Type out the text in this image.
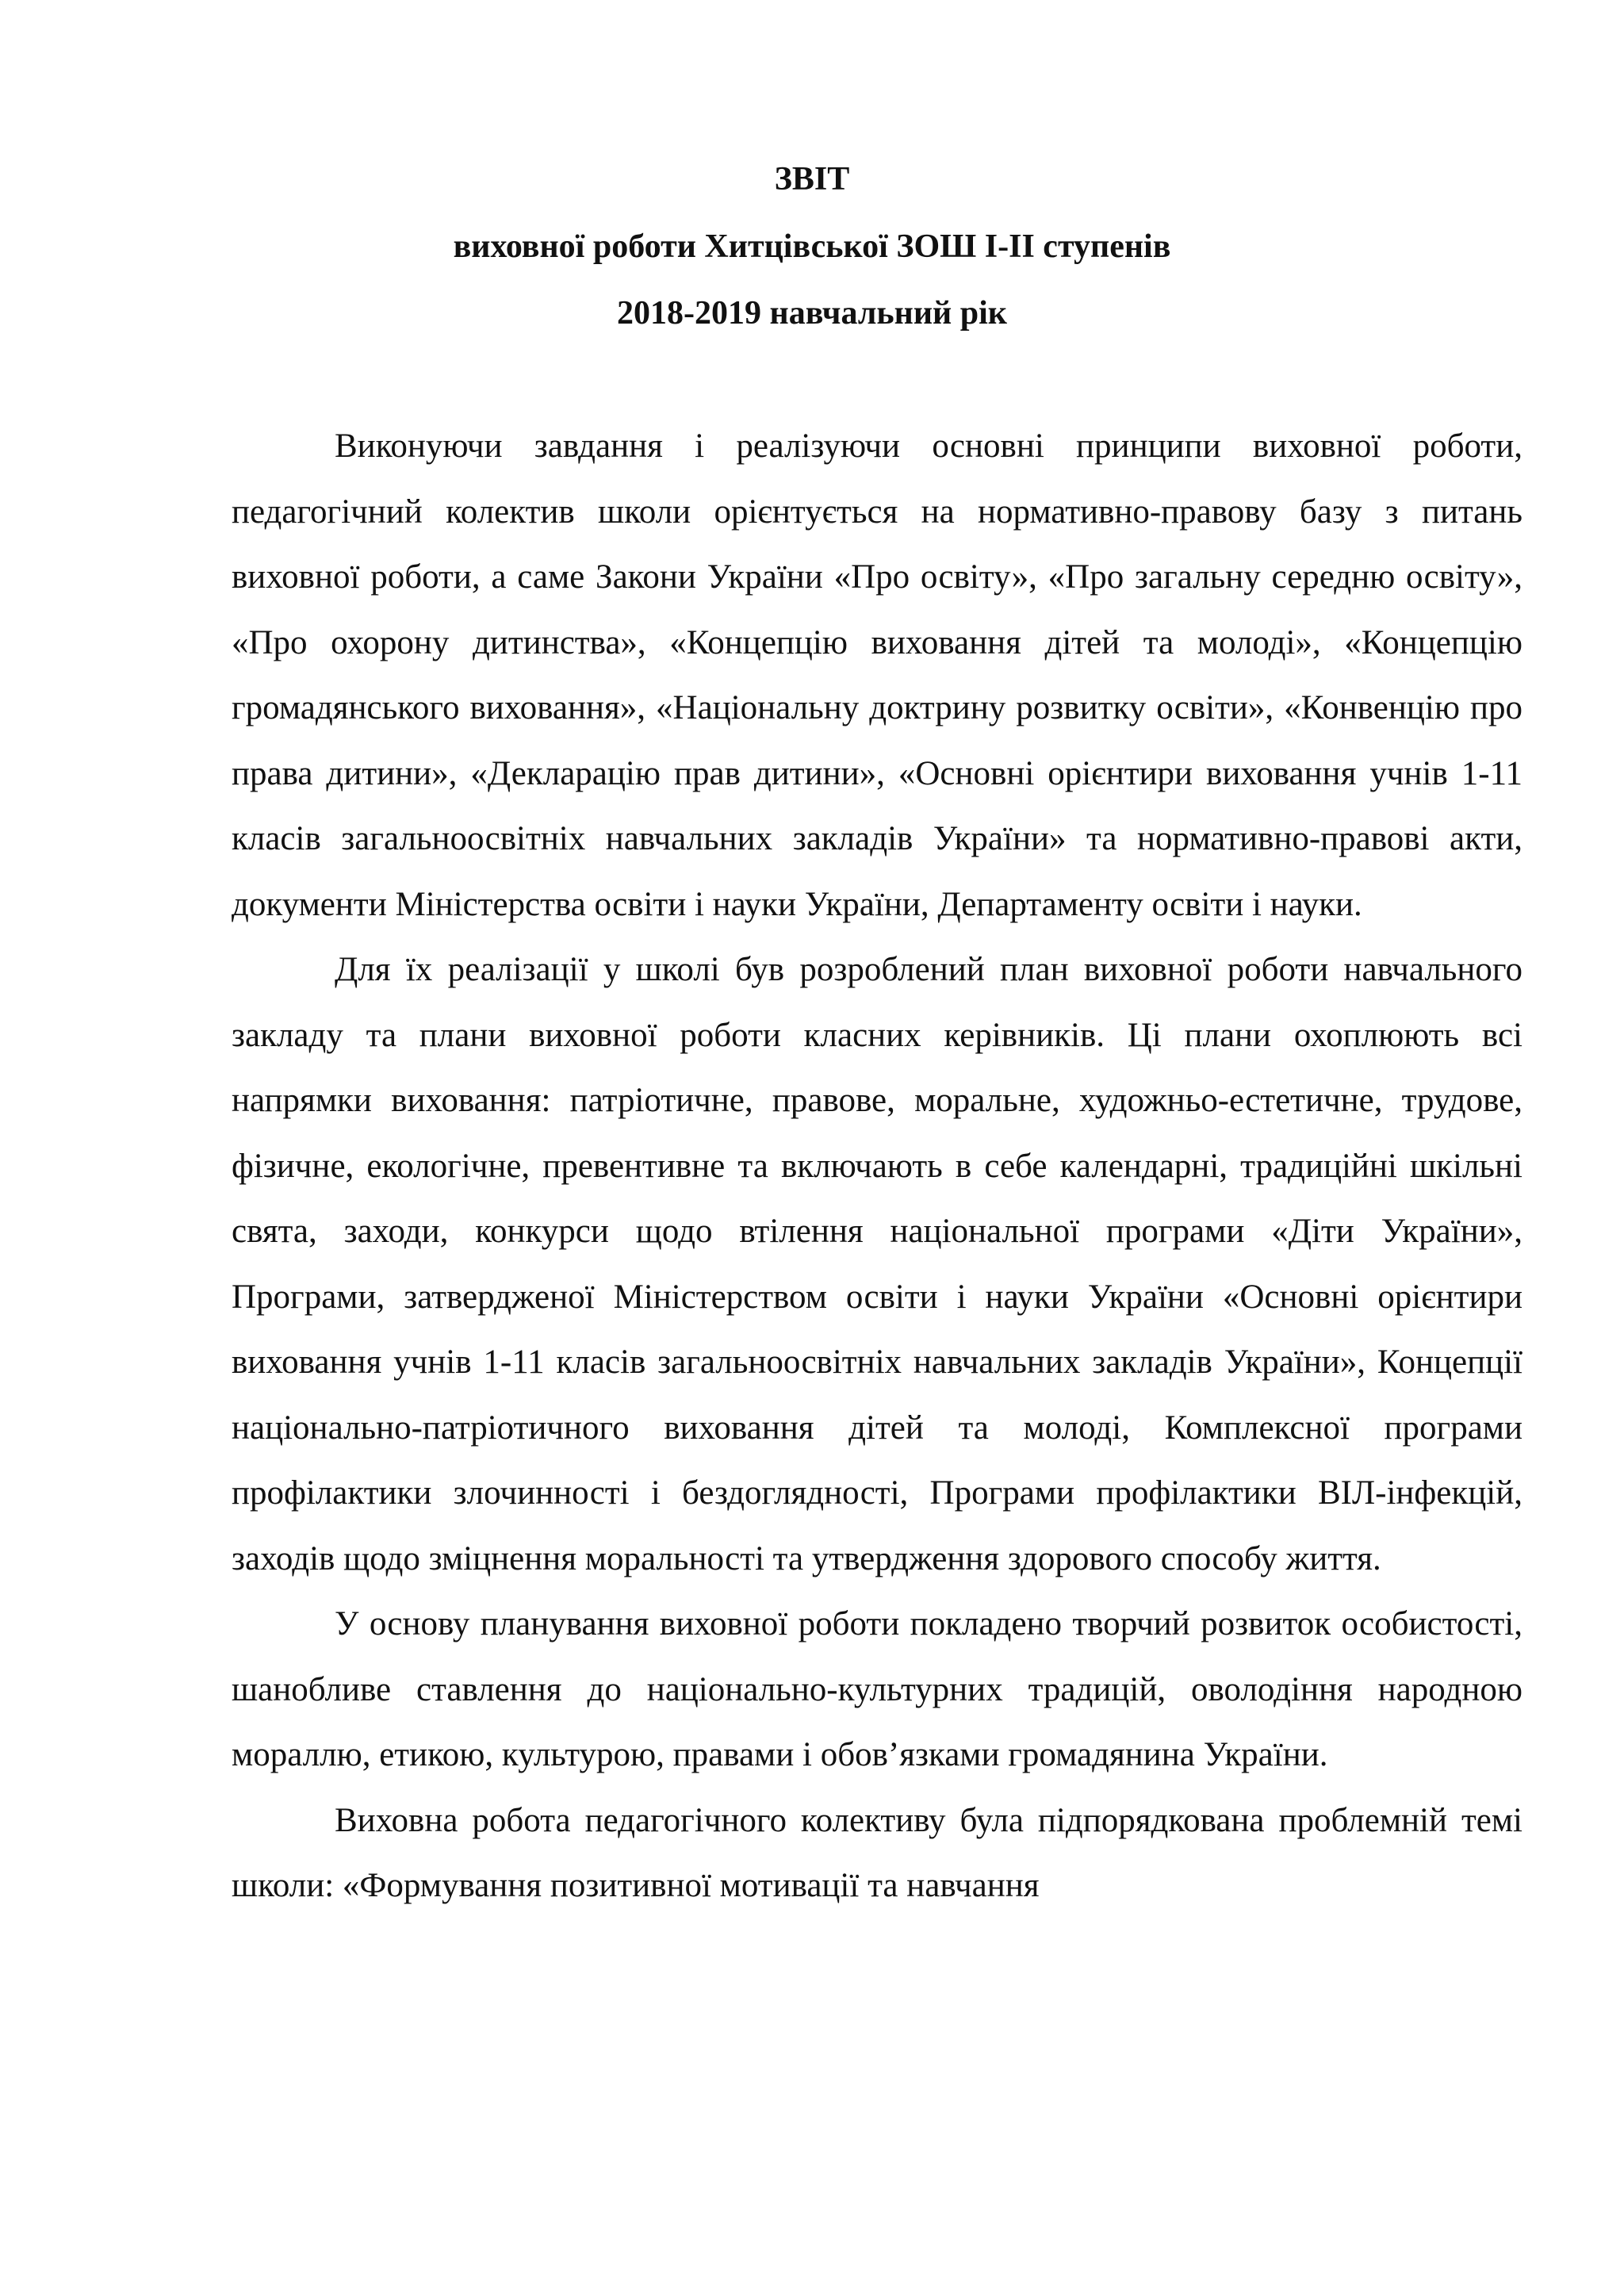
ЗВІТ
виховної роботи Хитцівської ЗОШ І-ІІ ступенів
2018-2019 навчальний рік

Виконуючи завдання і реалізуючи основні принципи виховної роботи, педагогічний колектив школи орієнтується на нормативно-правову базу з питань виховної роботи, а саме Закони України «Про освіту», «Про загальну середню освіту», «Про охорону дитинства», «Концепцію виховання дітей та молоді», «Концепцію громадянського виховання», «Національну доктрину розвитку освіти», «Конвенцію про права дитини», «Декларацію прав дитини», «Основні орієнтири виховання учнів 1-11 класів загальноосвітніх навчальних закладів України» та нормативно-правові акти, документи Міністерства освіти і науки України, Департаменту освіти і науки.

Для їх реалізації у школі був розроблений план виховної роботи навчального закладу та плани виховної роботи класних керівників. Ці плани охоплюють всі напрямки виховання: патріотичне, правове, моральне, художньо-естетичне, трудове, фізичне, екологічне, превентивне та включають в себе календарні, традиційні шкільні свята, заходи, конкурси щодо втілення національної програми «Діти України», Програми, затвердженої Міністерством освіти і науки України «Основні орієнтири виховання учнів 1-11 класів загальноосвітніх навчальних закладів України», Концепції національно-патріотичного виховання дітей та молоді, Комплексної програми профілактики злочинності і бездоглядності, Програми профілактики ВІЛ-інфекцій, заходів щодо зміцнення моральності та утвердження здорового способу життя.

У основу планування виховної роботи покладено творчий розвиток особистості, шанобливе ставлення до національно-культурних традицій, оволодіння народною мораллю, етикою, культурою, правами і обов’язками громадянина України.

Виховна робота педагогічного колективу була підпорядкована проблемній темі школи: «Формування позитивної мотивації та навчання
